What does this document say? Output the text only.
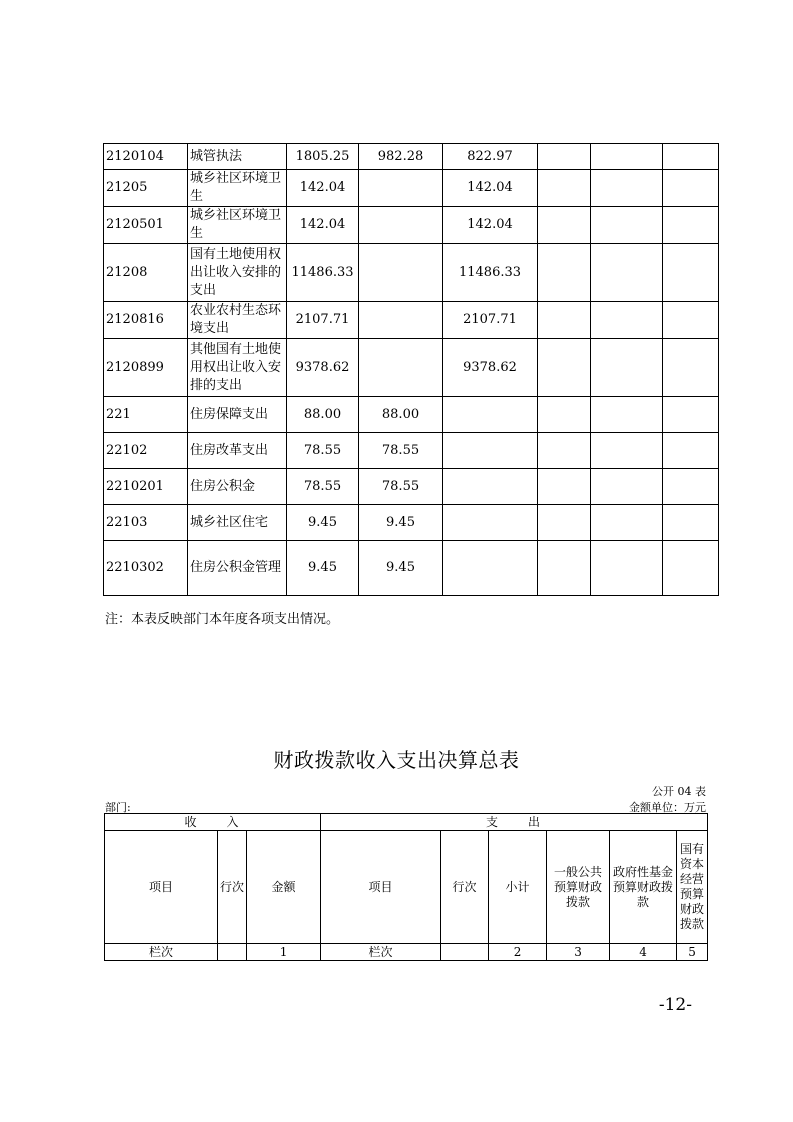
2120104	城管执法	1805.25	982.28	822.97			
21205	城乡社区环境卫生	142.04		142.04			
2120501	城乡社区环境卫生	142.04		142.04			
21208	国有土地使用权出让收入安排的支出	11486.33		11486.33			
2120816	农业农村生态环境支出	2107.71		2107.71			
2120899	其他国有土地使用权出让收入安排的支出	9378.62		9378.62			
221	住房保障支出	88.00	88.00				
22102	住房改革支出	78.55	78.55				
2210201	住房公积金	78.55	78.55				
22103	城乡社区住宅	9.45	9.45				
2210302	住房公积金管理	9.45	9.45				
注：本表反映部门本年度各项支出情况。
财政拨款收入支出决算总表
公开 04 表
部门:	金额单位：万元
收　　入			支　　出					
项目	行次	金额	项目	行次	小计	一般公共预算财政拨款	政府性基金预算财政拨款	国有资本经营预算财政拨款
栏次		1	栏次		2	3	4	5
-12-
